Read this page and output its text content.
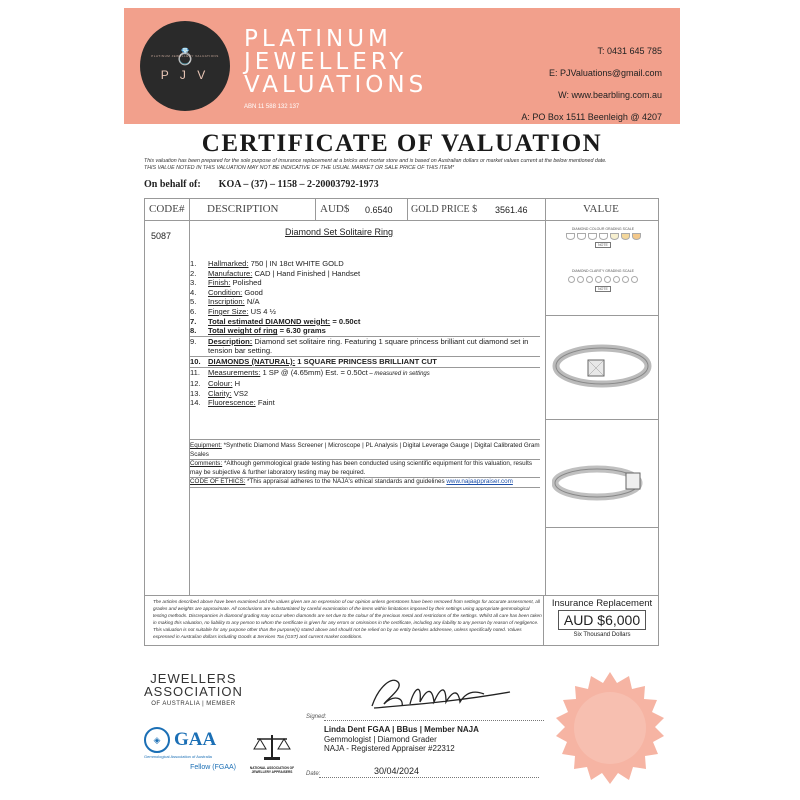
PLATINUM JEWELLERY VALUATIONS
💍
P J V
PLATINUM
JEWELLERY
VALUATIONS
ABN 11 588 132 137
T: 0431 645 785
E: PJValuations@gmail.com
W: www.bearbling.com.au
A: PO Box 1511 Beenleigh @ 4207
CERTIFICATE OF VALUATION
This valuation has been prepared for the sole purpose of insurance replacement at a bricks and mortar store and is based on Australian dollars or market values current at the below mentioned date.
THIS VALUE NOTED IN THIS VALUATION MAY NOT BE INDICATIVE OF THE USUAL MARKET OR SALE PRICE OF THIS ITEM*
On behalf of: KOA – (37) – 1158 – 2-20003792-1973
CODE# DESCRIPTION	AUD$ 0.6540 GOLD PRICE $ 3561.46	VALUE
5087	Diamond Set Solitaire Ring
1.	Hallmarked: 750 | IN 18ct WHITE GOLD
2.	Manufacture: CAD | Hand Finished | Handset
3.	Finish: Polished
4.	Condition: Good
5.	Inscription: N/A
6.	Finger Size: US 4 ½
7.	Total estimated DIAMOND weight: = 0.50ct
8.	Total weight of ring = 6.30 grams
9.	Description: Diamond set solitaire ring. Featuring 1 square princess brilliant cut diamond set in tension bar setting.
10. DIAMONDS (NATURAL): 1 SQUARE PRINCESS BRILLIANT CUT
11.	Measurements: 1 SP @ (4.65mm) Est. = 0.50ct – measured in settings
12. Colour: H
13. Clarity: VS2
14. Fluorescence: Faint
Equipment: *Synthetic Diamond Mass Screener | Microscope | PL Analysis | Digital Leverage Gauge | Digital Calibrated Gram Scales
Comments: *Although gemmological grade testing has been conducted using scientific equipment for this valuation, results may be subjective & further laboratory testing may be required.
CODE OF ETHICS: *This appraisal adheres to the NAJA's ethical standards and guidelines www.najaappraiser.com
DIAMOND COLOUR GRADING SCALE
NOTE
DIAMOND CLARITY GRADING SCALE
NOTE
The articles described above have been examined and the values given are an expression of our opinion unless gemstones have been removed from settings for accurate assessment, all grades and weights are approximate. All conclusions are substantiated by careful examination of the items within limitations imposed by their settings using appropriate gemmological testing methods. Discrepancies in diamond grading may occur when diamonds are set due to the colour of the precious metal and restrictions of the settings. Whilst all care has been taken in making this valuation, no liability to any person to whom the certificate is given for any errors or omissions in the certificate, including any liability to any person by reason of negligence. This valuation is not suitable for any purpose other than the purpose(s) stated above and should not be relied on by an entity besides addressee, unless specifically noted. Values expressed in Australian dollars including Goods & Services Tax (GST) and current market conditions.
Insurance Replacement
AUD $6,000
Six Thousand Dollars
JEWELLERS
ASSOCIATION
OF AUSTRALIA | MEMBER
◈ GAA
Gemmological Association of Australia
Fellow (FGAA)	NATIONAL ASSOCIATION OF JEWELLERY APPRAISERS
Signed:
Linda Dent FGAA | BBus | Member NAJA
Gemmologist | Diamond Grader
NAJA - Registered Appraiser #22312
Date:	30/04/2024
